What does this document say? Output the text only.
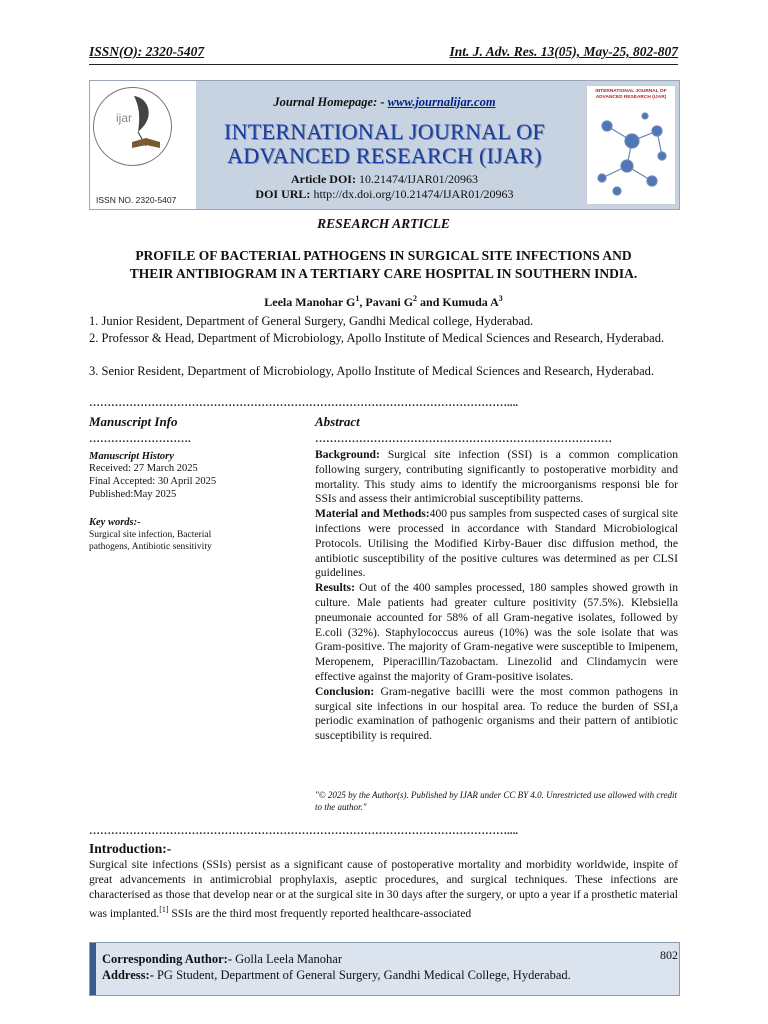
ISSN(O): 2320-5407	Int. J. Adv. Res. 13(05), May-25, 802-807
ijar
ISSN NO. 2320-5407
Journal Homepage: - www.journalijar.com
INTERNATIONAL JOURNAL OF
ADVANCED RESEARCH (IJAR)
Article DOI: 10.21474/IJAR01/20963
DOI URL: http://dx.doi.org/10.21474/IJAR01/20963
INTERNATIONAL JOURNAL OF ADVANCED RESEARCH (IJAR)
RESEARCH ARTICLE
PROFILE OF BACTERIAL PATHOGENS IN SURGICAL SITE INFECTIONS AND
THEIR ANTIBIOGRAM IN A TERTIARY CARE HOSPITAL IN SOUTHERN INDIA.
Leela Manohar $G^1$, Pavani $G^2$ and Kumuda $A^3$
1. Junior Resident, Department of General Surgery, Gandhi Medical college, Hyderabad.
2. Professor & Head, Department of Microbiology, Apollo Institute of Medical Sciences and Research, Hyderabad.
3. Senior Resident, Department of Microbiology, Apollo Institute of Medical Sciences and Research, Hyderabad.
……………………………………………………………………………………………………....
Manuscript Info
……………………….
Manuscript History
Received: 27 March 2025
Final Accepted: 30 April 2025
Published:May 2025
Key words:-
Surgical site infection, Bacterial pathogens, Antibiotic sensitivity
Abstract
………………………………………………………………………

Background: Surgical site infection (SSI) is a common complication following surgery, contributing significantly to postoperative morbidity and mortality. This study aims to identify the microorganisms responsi ble for SSIs and assess their antimicrobial susceptibility patterns.

Material and Methods:400 pus samples from suspected cases of surgical site infections were processed in accordance with Standard Microbiological Protocols. Utilising the Modified Kirby-Bauer disc diffusion method, the antibiotic susceptibility of the positive cultures was determined as per CLSI guidelines.

Results: Out of the 400 samples processed, 180 samples showed growth in culture. Male patients had greater culture positivity (57.5%). Klebsiella pneumonaie accounted for 58% of all Gram-negative isolates, followed by E.coli (32%). Staphylococcus aureus (10%) was the sole isolate that was Gram-positive. The majority of Gram-negative were susceptible to Imipenem, Meropenem, Piperacillin/Tazobactam. Linezolid and Clindamycin were effective against the majority of Gram-positive isolates.

Conclusion: Gram-negative bacilli were the most common pathogens in surgical site infections in our hospital area. To reduce the burden of SSI,a periodic examination of pathogenic organisms and their pattern of antibiotic susceptibility is required.

"© 2025 by the Author(s). Published by IJAR under CC BY 4.0. Unrestricted use allowed with credit to the author."
……………………………………………………………………………………………………....
Introduction:-
Surgical site infections (SSIs) persist as a significant cause of postoperative mortality and morbidity worldwide, inspite of great advancements in antimicrobial prophylaxis, aseptic procedures, and surgical techniques. These infections are characterised as those that develop near or at the surgical site in 30 days after the surgery, or upto a year if a prosthetic material was implanted.[1] SSIs are the third most frequently reported healthcare-associated
Corresponding Author:- Golla Leela Manohar
Address:- PG Student, Department of General Surgery, Gandhi Medical College, Hyderabad.
802
